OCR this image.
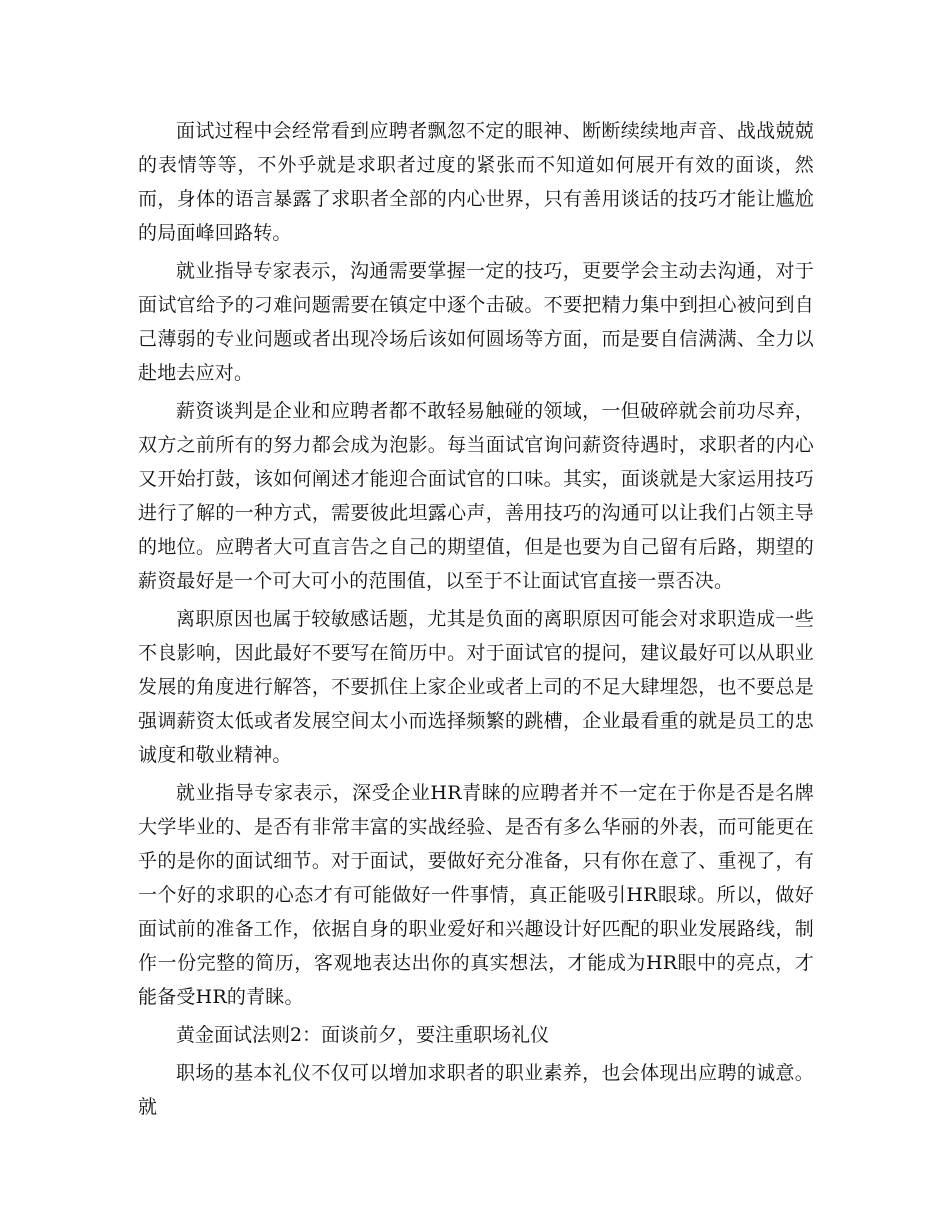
面试过程中会经常看到应聘者飘忽不定的眼神、断断续续地声音、战战兢兢的表情等等，不外乎就是求职者过度的紧张而不知道如何展开有效的面谈，然而，身体的语言暴露了求职者全部的内心世界，只有善用谈话的技巧才能让尴尬的局面峰回路转。

就业指导专家表示，沟通需要掌握一定的技巧，更要学会主动去沟通，对于面试官给予的刁难问题需要在镇定中逐个击破。不要把精力集中到担心被问到自己薄弱的专业问题或者出现冷场后该如何圆场等方面，而是要自信满满、全力以赴地去应对。

薪资谈判是企业和应聘者都不敢轻易触碰的领域，一但破碎就会前功尽弃，双方之前所有的努力都会成为泡影。每当面试官询问薪资待遇时，求职者的内心又开始打鼓，该如何阐述才能迎合面试官的口味。其实，面谈就是大家运用技巧进行了解的一种方式，需要彼此坦露心声，善用技巧的沟通可以让我们占领主导的地位。应聘者大可直言告之自己的期望值，但是也要为自己留有后路，期望的薪资最好是一个可大可小的范围值，以至于不让面试官直接一票否决。

离职原因也属于较敏感话题，尤其是负面的离职原因可能会对求职造成一些不良影响，因此最好不要写在简历中。对于面试官的提问，建议最好可以从职业发展的角度进行解答，不要抓住上家企业或者上司的不足大肆埋怨，也不要总是强调薪资太低或者发展空间太小而选择频繁的跳槽，企业最看重的就是员工的忠诚度和敬业精神。

就业指导专家表示，深受企业HR青睐的应聘者并不一定在于你是否是名牌大学毕业的、是否有非常丰富的实战经验、是否有多么华丽的外表，而可能更在乎的是你的面试细节。对于面试，要做好充分准备，只有你在意了、重视了，有一个好的求职的心态才有可能做好一件事情，真正能吸引HR眼球。所以，做好面试前的准备工作，依据自身的职业爱好和兴趣设计好匹配的职业发展路线，制作一份完整的简历，客观地表达出你的真实想法，才能成为HR眼中的亮点，才能备受HR的青睐。

黄金面试法则2：面谈前夕，要注重职场礼仪

职场的基本礼仪不仅可以增加求职者的职业素养，也会体现出应聘的诚意。就
